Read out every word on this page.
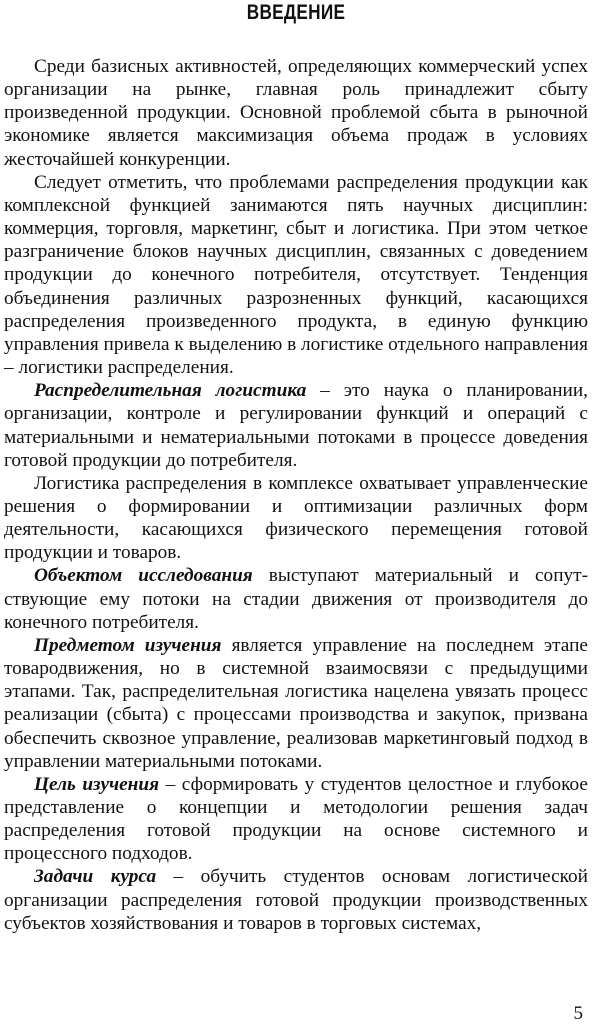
ВВЕДЕНИЕ

Среди базисных активностей, определяющих коммерческий успех организации на рынке, главная роль принадлежит сбыту произведенной продукции. Основной проблемой сбыта в рыночной экономике является максимизация объема продаж в условиях жесточайшей конкуренции.

Следует отметить, что проблемами распределения продукции как комплексной функцией занимаются пять научных дисциплин: коммерция, торговля, маркетинг, сбыт и логистика. При этом четкое разграничение блоков научных дисциплин, связанных с доведением продукции до конечного потребителя, отсутствует. Тенденция объединения различных разрозненных функций, касающихся распределения произведенного продукта, в единую функцию управления привела к выделению в логистике отдельного направления – логистики распределения.

Распределительная логистика – это наука о планировании, организации, контроле и регулировании функций и операций с материальными и нематериальными потоками в процессе доведения готовой продукции до потребителя.

Логистика распределения в комплексе охватывает управленческие решения о формировании и оптимизации различных форм деятельности, касающихся физического перемещения готовой продукции и товаров.

Объектом исследования выступают материальный и сопутствующие ему потоки на стадии движения от производителя до конечного потребителя.

Предметом изучения является управление на последнем этапе товародвижения, но в системной взаимосвязи с предыдущими этапами. Так, распределительная логистика нацелена увязать процесс реализации (сбыта) с процессами производства и закупок, призвана обеспечить сквозное управление, реализовав маркетинговый подход в управлении материальными потоками.

Цель изучения – сформировать у студентов целостное и глубокое представление о концепции и методологии решения задач распределения готовой продукции на основе системного и процессного подходов.

Задачи курса – обучить студентов основам логистической организации распределения готовой продукции производственных субъектов хозяйствования и товаров в торговых системах,

5
